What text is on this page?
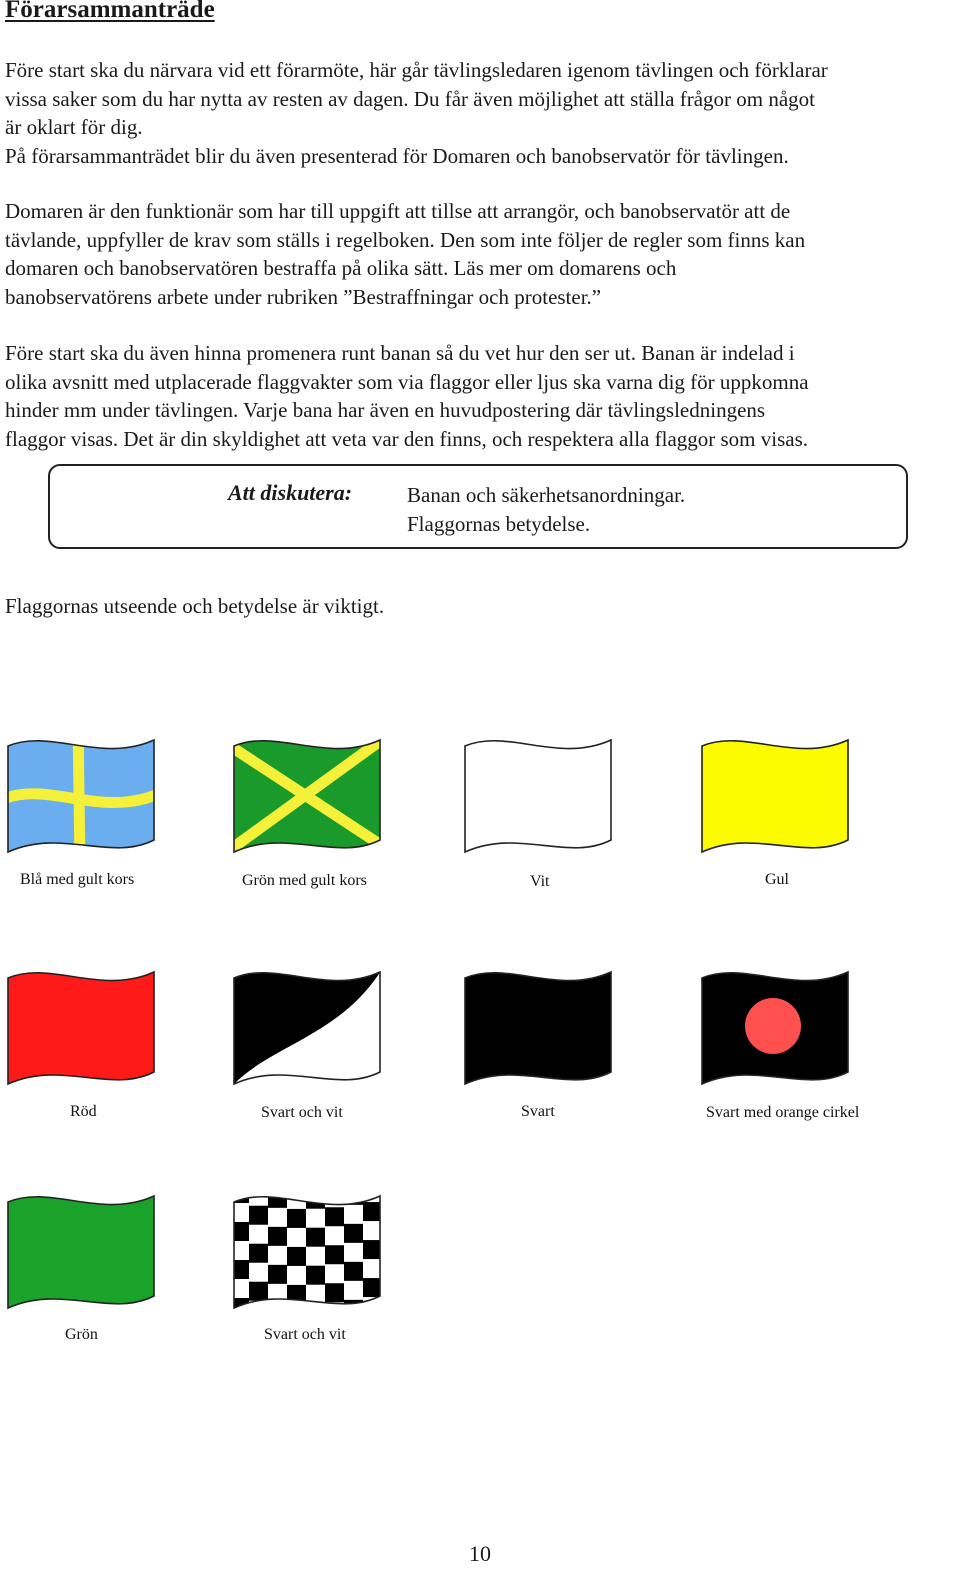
Förarsammanträde
Före start ska du närvara vid ett förarmöte, här går tävlingsledaren igenom tävlingen och förklarar
vissa saker som du har nytta av resten av dagen. Du får även möjlighet att ställa frågor om något
är oklart för dig.
På förarsammanträdet blir du även presenterad för Domaren och banobservatör för tävlingen.
Domaren är den funktionär som har till uppgift att tillse att arrangör, och banobservatör att de
tävlande, uppfyller de krav som ställs i regelboken. Den som inte följer de regler som finns kan
domaren och banobservatören bestraffa på olika sätt. Läs mer om domarens och
banobservatörens arbete under rubriken ”Bestraffningar och protester.”
Före start ska du även hinna promenera runt banan så du vet hur den ser ut. Banan är indelad i
olika avsnitt med utplacerade flaggvakter som via flaggor eller ljus ska varna dig för uppkomna
hinder mm under tävlingen. Varje bana har även en huvudpostering där tävlingsledningens
flaggor visas. Det är din skyldighet att veta var den finns, och respektera alla flaggor som visas.

Att diskutera:	Banan och säkerhetsanordningar.

Flaggornas betydelse.

Flaggornas utseende och betydelse är viktigt.

Blå med gult kors	Grön med gult kors	Vit	Gul

Röd	Svart och vit	Svart	Svart med orange cirkel

Grön	Svart och vit

10
